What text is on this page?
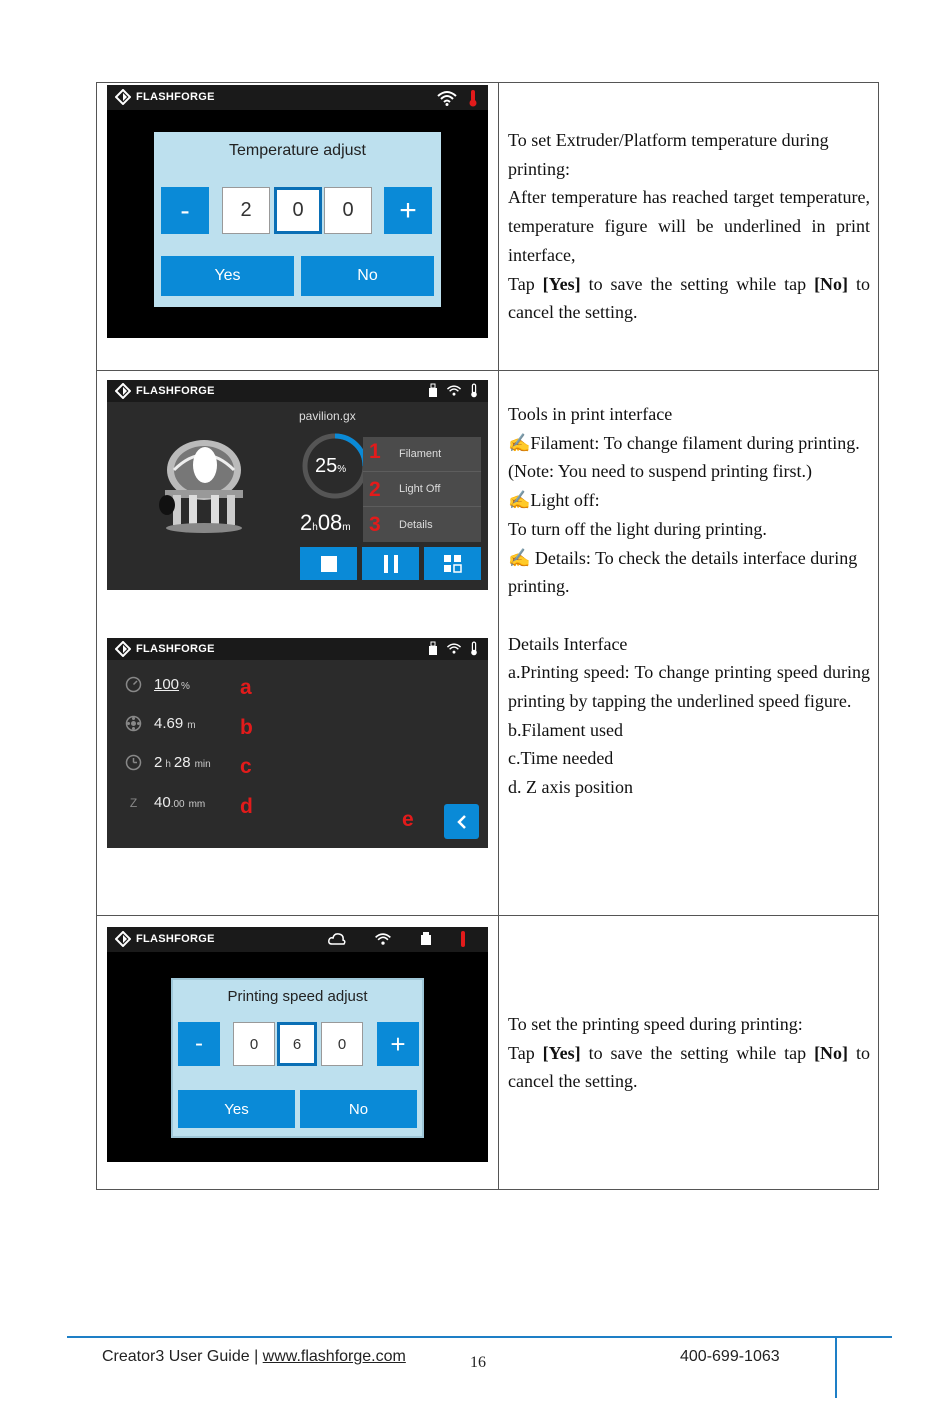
FLASHFORGE
Temperature adjust
-	2	0	0	+
Yes	No

To set Extruder/Platform temperature during printing:

After temperature has reached target temperature, temperature figure will be underlined in print interface,

Tap [Yes] to save the setting while tap [No] to cancel the setting.

FLASHFORGE
pavilion.gx
25%
2h08m
Filament
Light Off
Details
1
2
3
FLASHFORGE
100 %
4.69 m
2 h 28 min
Z	40 .00 mm
a
b
c
d
e

Tools in print interface

✍Filament: To change filament during printing. (Note: You need to suspend printing first.)

✍Light off:

To turn off the light during printing.

✍ Details: To check the details interface during printing.

Details Interface

a.Printing speed: To change printing speed during printing by tapping the underlined speed figure.

b.Filament used

c.Time needed

d. Z axis position

FLASHFORGE
Printing speed adjust
-	0	6	0	+
Yes	No

To set the printing speed during printing:

Tap [Yes] to save the setting while tap [No] to cancel the setting.

Creator3 User Guide | www.flashforge.com	16	400-699-1063
